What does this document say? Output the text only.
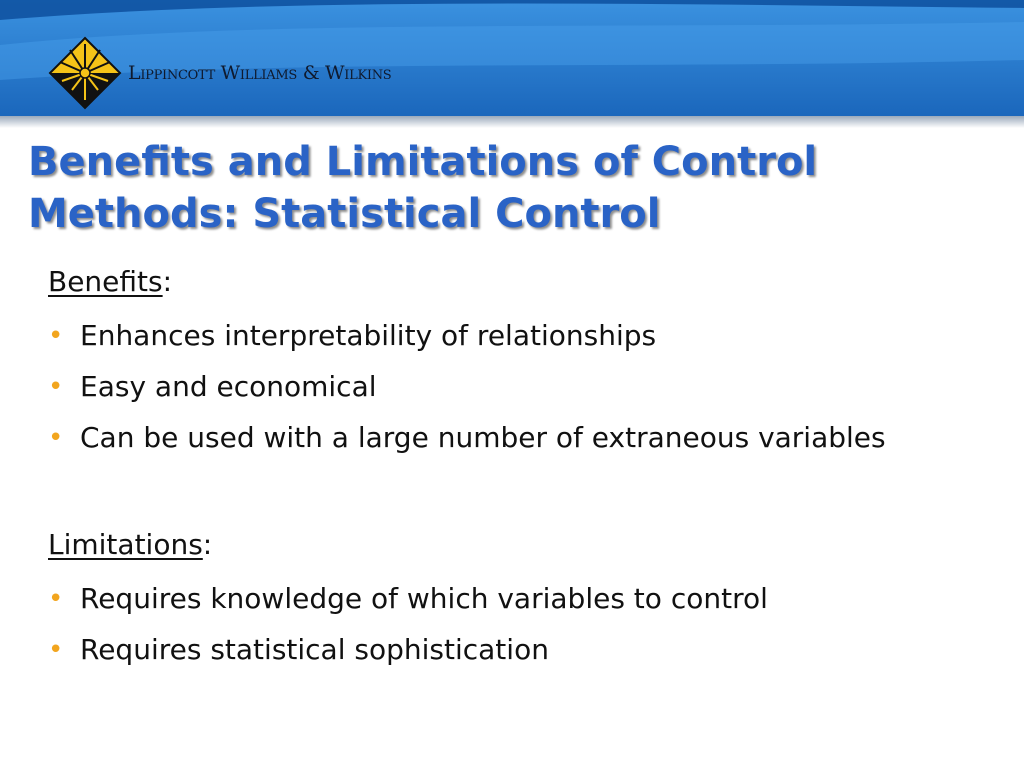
Lippincott Williams & Wilkins
Benefits and Limitations of Control Methods: Statistical Control

Benefits:

• Enhances interpretability of relationships
• Easy and economical
• Can be used with a large number of extraneous variables

Limitations:

• Requires knowledge of which variables to control
• Requires statistical sophistication
